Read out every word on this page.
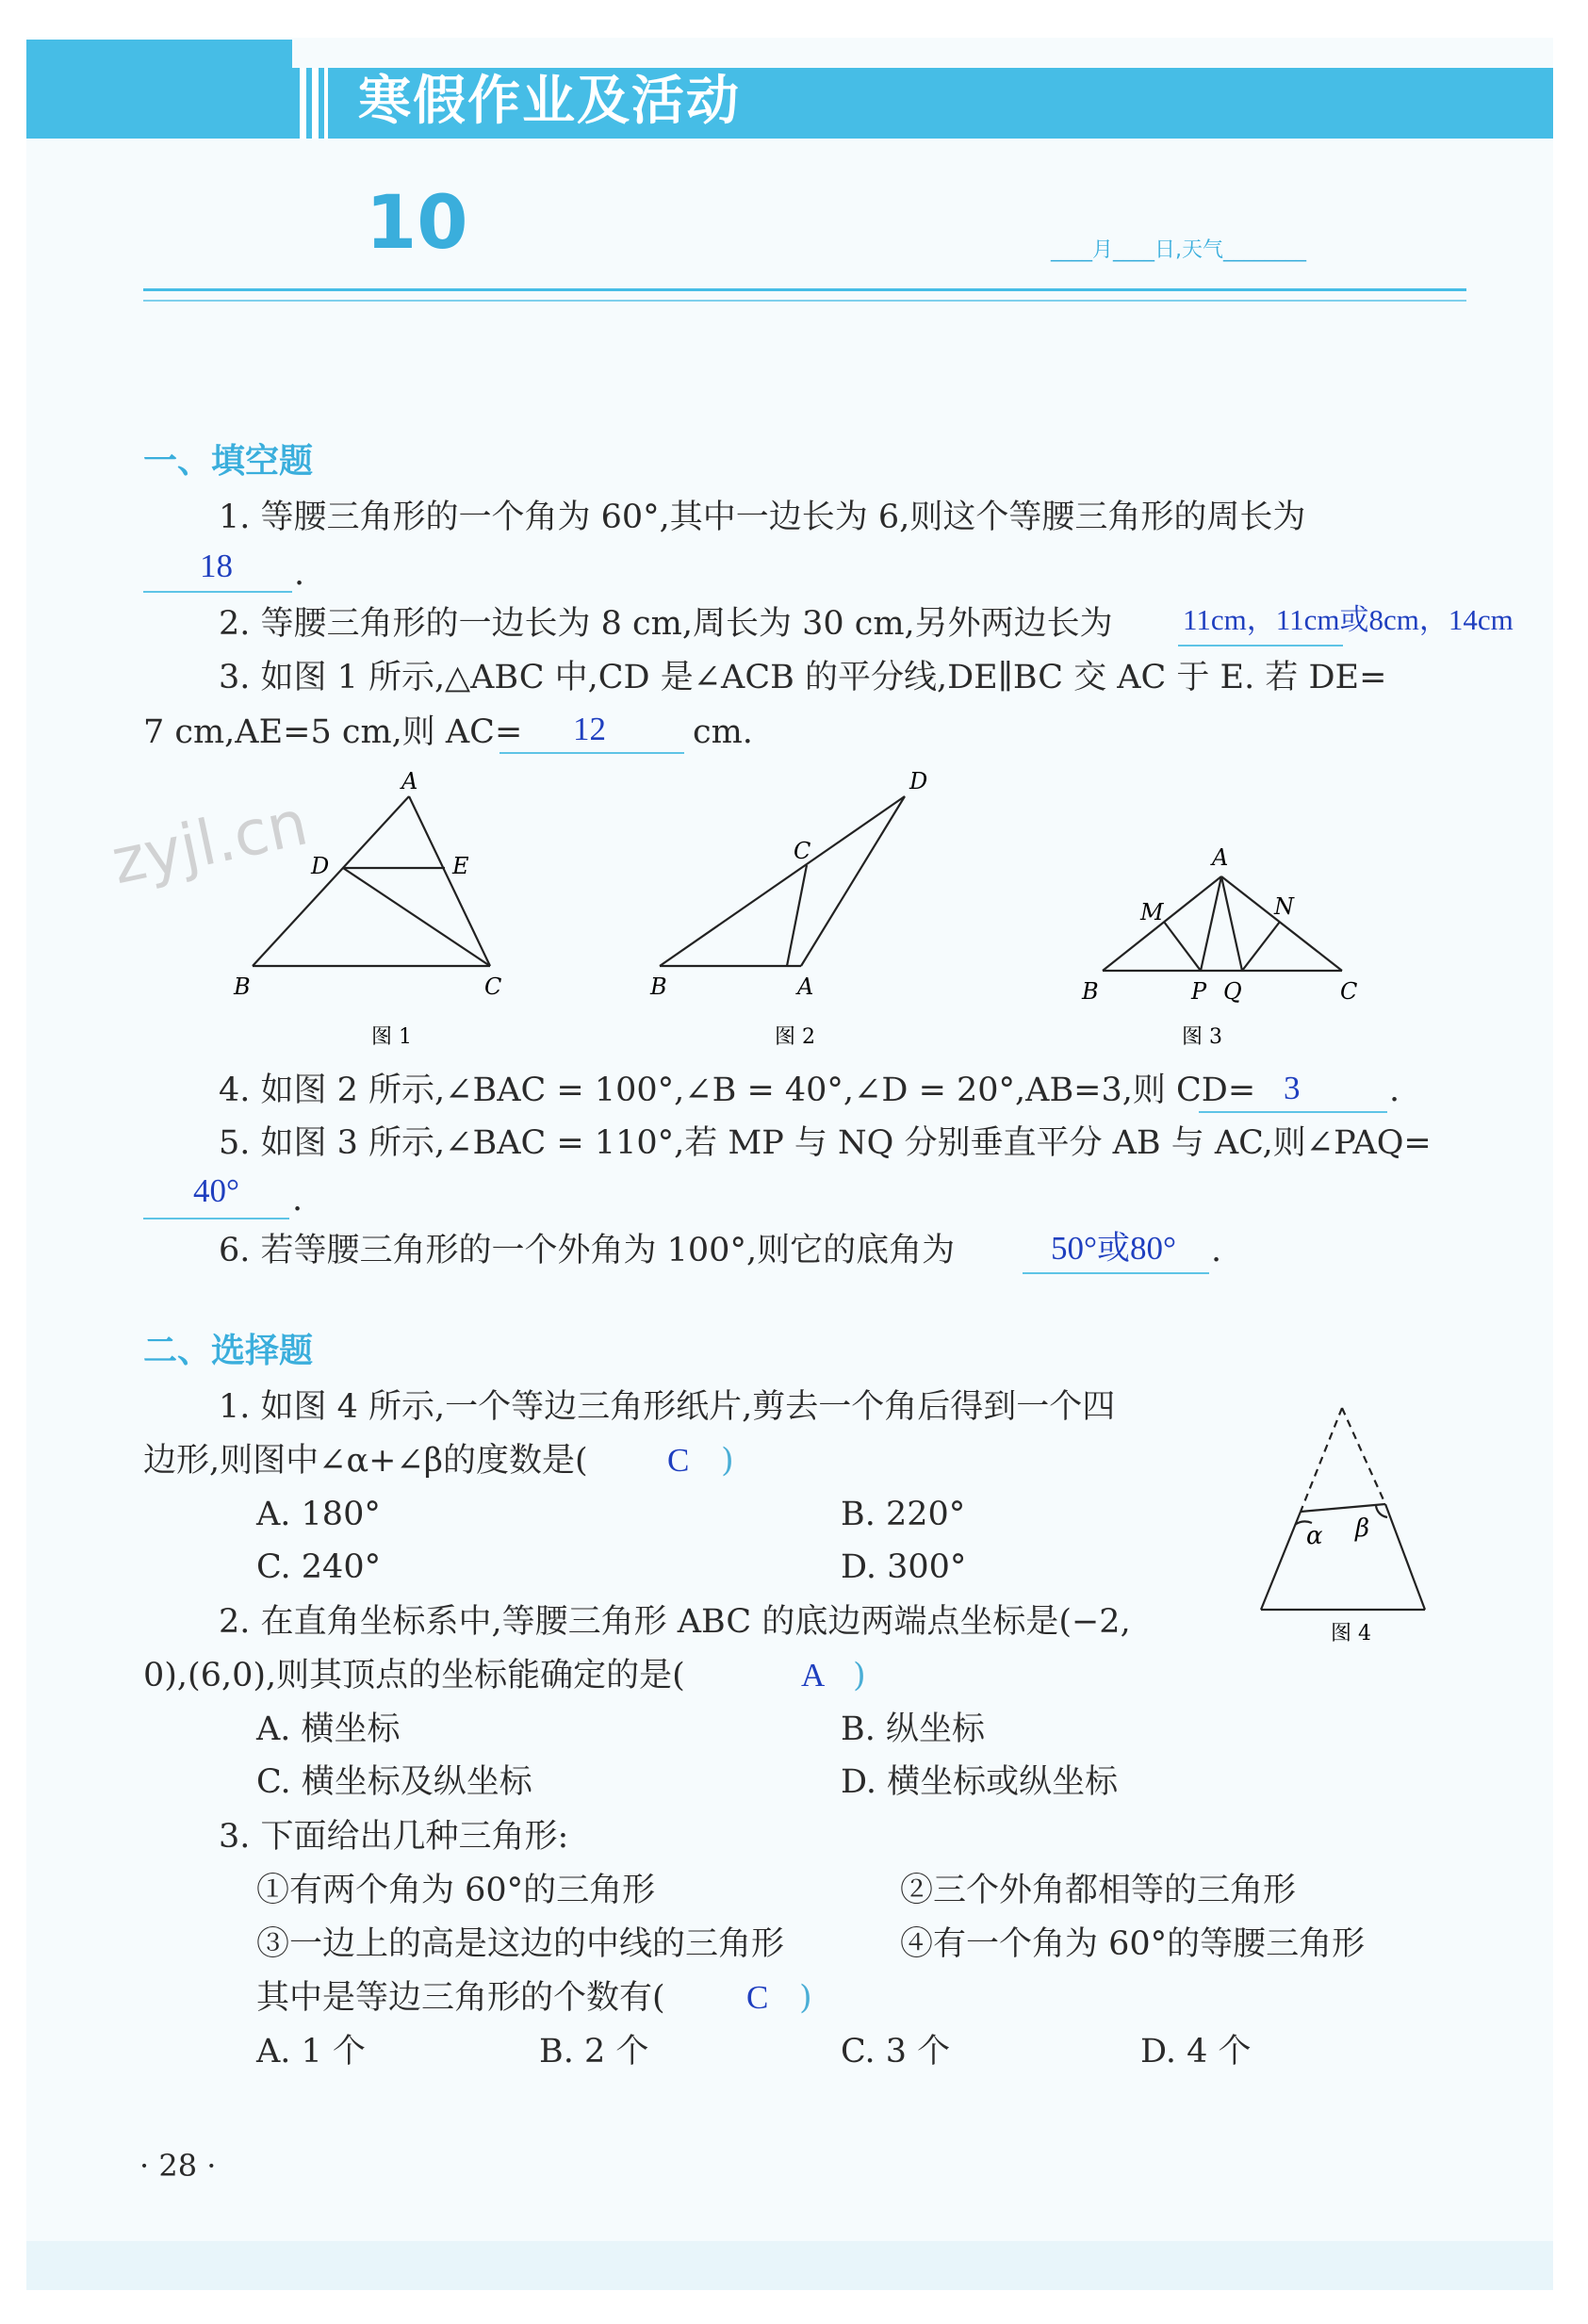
寒假作业及活动
10	____月____日,天气________
一、填空题
1. 等腰三角形的一个角为 60°,其中一边长为 6,则这个等腰三角形的周长为
18 .
2. 等腰三角形的一边长为 8 cm,周长为 30 cm,另外两边长为 11cm，11cm或8cm，14cm
3. 如图 1 所示,△ABC 中,CD 是∠ACB 的平分线,DE∥BC 交 AC 于 E. 若 DE=
7 cm,AE=5 cm,则 AC= 12	cm.
A
D	E
B	C
图 1
zyjl.cn
D
C
B	A
图 2
A
M	N
B	P Q	C
图 3
4. 如图 2 所示,∠BAC = 100°,∠B = 40°,∠D = 20°,AB=3,则 CD= 3	.
5. 如图 3 所示,∠BAC = 110°,若 MP 与 NQ 分别垂直平分 AB 与 AC,则∠PAQ=
40° .
6. 若等腰三角形的一个外角为 100°,则它的底角为	50°或80° .
二、选择题
1. 如图 4 所示,一个等边三角形纸片,剪去一个角后得到一个四
边形,则图中∠α+∠β的度数是( C )
A. 180°	B. 220°
C. 240°	D. 300°
α β
图 4
2. 在直角坐标系中,等腰三角形 ABC 的底边两端点坐标是(−2,
0),(6,0),则其顶点的坐标能确定的是(	A )
A. 横坐标	B. 纵坐标
C. 横坐标及纵坐标	D. 横坐标或纵坐标
3. 下面给出几种三角形:
①有两个角为 60°的三角形	②三个外角都相等的三角形
③一边上的高是这边的中线的三角形	④有一个角为 60°的等腰三角形
其中是等边三角形的个数有( C )
A. 1 个	B. 2 个	C. 3 个	D. 4 个
· 28 ·
